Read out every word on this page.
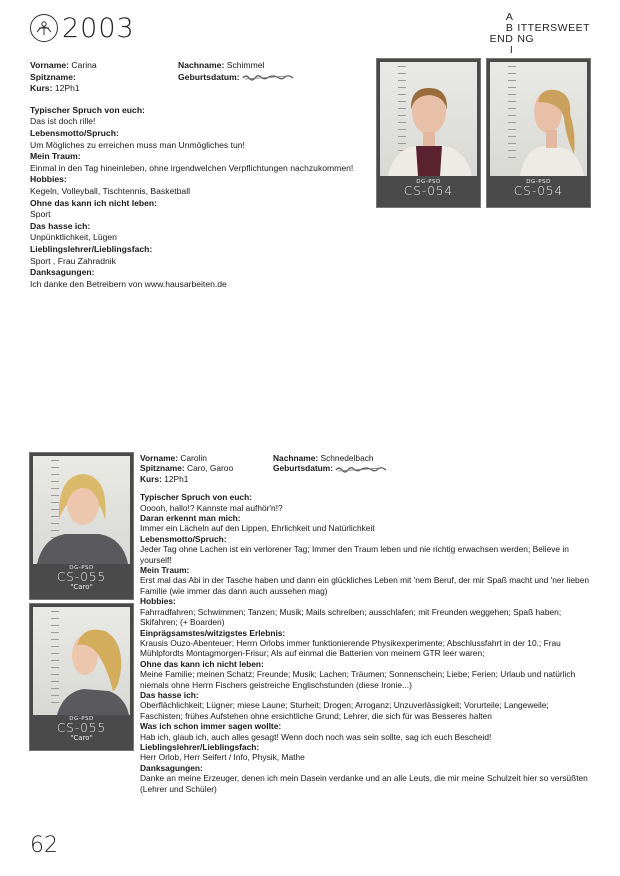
2003	A
B ITTERSWEET
END I
NG
Vorname: Carina	Nachname: Schimmel
Spitzname:	Geburtsdatum:
Kurs: 12Ph1
Typischer Spruch von euch:
Das ist doch rille!
Lebensmotto/Spruch:
Um Mögliches zu erreichen muss man Unmögliches tun!
Mein Traum:
Einmal in den Tag hineinleben, ohne irgendwelchen Verpflichtungen nachzukommen!
Hobbies:
Kegeln, Volleyball, Tischtennis, Basketball
Ohne das kann ich nicht leben:
Sport
Das hasse ich:
Unpünktlichkeit, Lügen
Lieblingslehrer/Lieblingsfach:
Sport , Frau Zahradnik
Danksagungen:
Ich danke den Betreibern von www.hausarbeiten.de
DG-PSD
CS-054
DG-PSD
CS-054
DG-PSD
CS-055
"Caro"
DG-PSD
CS-055
"Caro"
Vorname: Carolin	Nachname: Schnedelbach
Spitzname: Caro, Garoo	Geburtsdatum:
Kurs: 12Ph1
Typischer Spruch von euch:
Ooooh, hallo!? Kannste mal aufhör'n!?
Daran erkennt man mich:
Immer ein Lächeln auf den Lippen, Ehrlichkeit und Natürlichkeit
Lebensmotto/Spruch:
Jeder Tag ohne Lachen ist ein verlorener Tag; Immer den Traum leben und nie richtig erwachsen werden; Believe in yourself!
Mein Traum:
Erst mal das Abi in der Tasche haben und dann ein glückliches Leben mit 'nem Beruf, der mir Spaß macht und 'ner lieben Familie (wie immer das dann auch aussehen mag)
Hobbies:
Fahrradfahren; Schwimmen; Tanzen; Musik; Mails schreiben; ausschlafen; mit Freunden weggehen; Spaß haben; Skifahren; (+ Boarden)
Einprägsamstes/witzigstes Erlebnis:
Krausis Ouzo-Abenteuer; Herrn Orlobs immer funktionierende Physikexperimente; Abschlussfahrt in der 10.; Frau Mühlpfordts Montagmorgen-Frisur; Als auf einmal die Batterien von meinem GTR leer waren;
Ohne das kann ich nicht leben:
Meine Familie; meinen Schatz; Freunde; Musik; Lachen; Träumen; Sonnenschein; Liebe; Ferien; Urlaub und natürlich niemals ohne Herrn Fischers geistreiche Englischstunden (diese Ironie...)
Das hasse ich:
Oberflächlichkeit; Lügner; miese Laune; Sturheit; Drogen; Arroganz; Unzuverlässigkeit; Vorurteile; Langeweile; Faschisten; frühes Aufstehen ohne ersichtliche Grund; Lehrer, die sich für was Besseres halten
Was ich schon immer sagen wollte:
Hab ich, glaub ich, auch alles gesagt! Wenn doch noch was sein sollte, sag ich euch Bescheid!
Lieblingslehrer/Lieblingsfach:
Herr Orlob, Herr Seifert / Info, Physik, Mathe
Danksagungen:
Danke an meine Erzeuger, denen ich mein Dasein verdanke und an alle Leuts, die mir meine Schulzeit hier so versüßten (Lehrer und Schüler)
62
